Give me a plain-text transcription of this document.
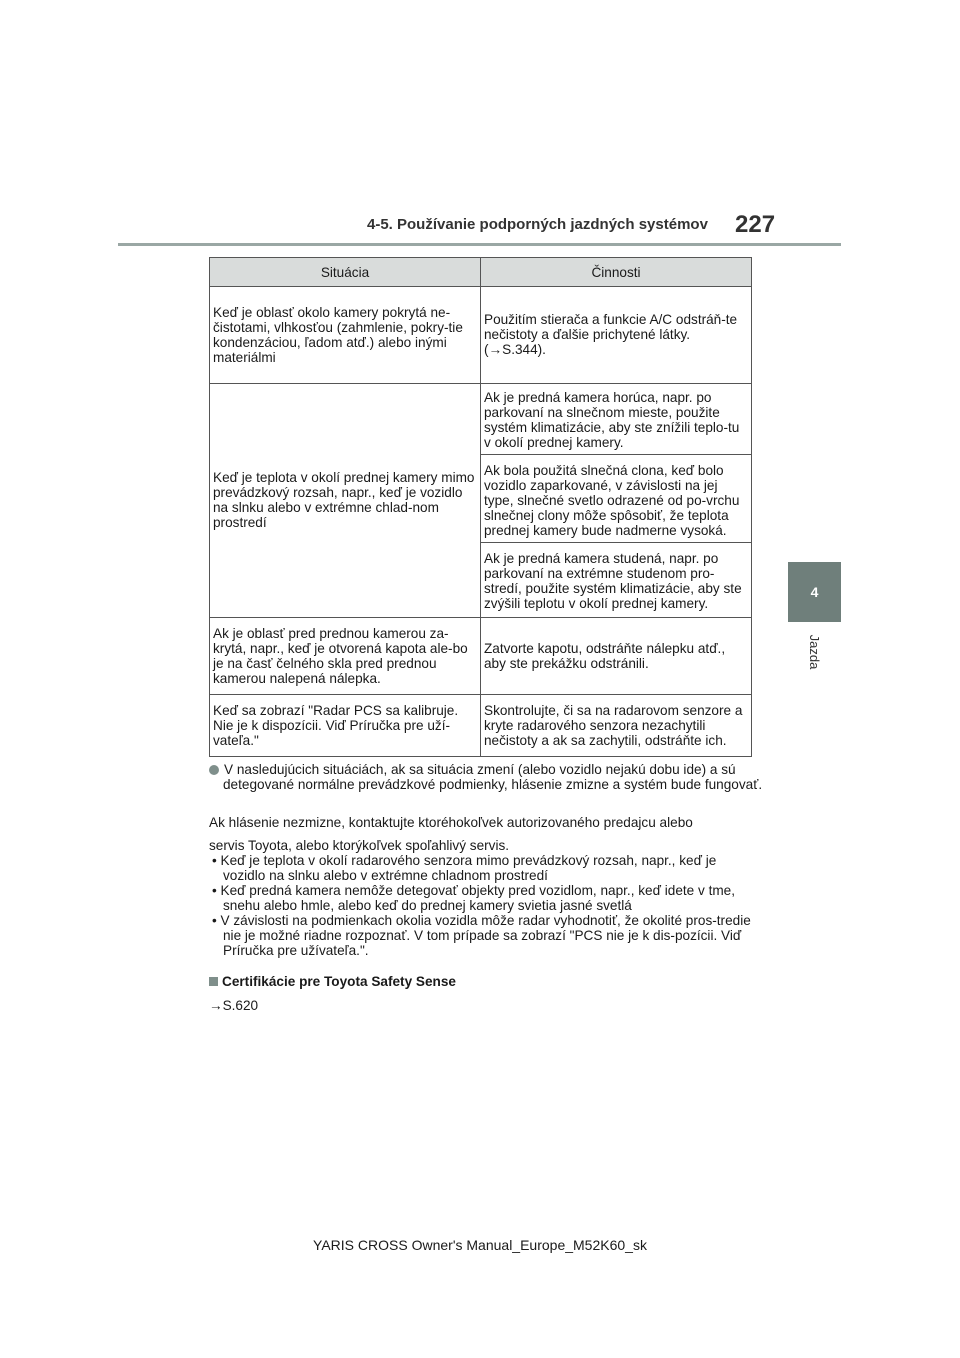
4-5. Používanie podporných jazdných systémov 227
4
Jazda
Situácia	Činnosti
Keď je oblasť okolo kamery pokrytá ne-čistotami, vlhkosťou (zahmlenie, pokry-tie kondenzáciou, ľadom atď.) alebo inými materiálmi	Použitím stierača a funkcie A/C odstráň-te nečistoty a ďalšie prichytené látky. (→S.344).
Keď je teplota v okolí prednej kamery mimo prevádzkový rozsah, napr., keď je vozidlo na slnku alebo v extrémne chlad-nom prostredí	Ak je predná kamera horúca, napr. po parkovaní na slnečnom mieste, použite systém klimatizácie, aby ste znížili teplo-tu v okolí prednej kamery.
Ak bola použitá slnečná clona, keď bolo vozidlo zaparkované, v závislosti na jej type, slnečné svetlo odrazené od po-vrchu slnečnej clony môže spôsobiť, že teplota prednej kamery bude nadmerne vysoká.
Ak je predná kamera studená, napr. po parkovaní na extrémne studenom pro-stredí, použite systém klimatizácie, aby ste zvýšili teplotu v okolí prednej kamery.

Ak je oblasť pred prednou kamerou za-krytá, napr., keď je otvorená kapota ale-bo je na časť čelného skla pred prednou kamerou nalepená nálepka.	Zatvorte kapotu, odstráňte nálepku atď., aby ste prekážku odstránili.
Keď sa zobrazí "Radar PCS sa kalibruje. Nie je k dispozícii. Viď Príručka pre uží-vateľa."	Skontrolujte, či sa na radarovom senzore a kryte radarového senzora nezachytili nečistoty a ak sa zachytili, odstráňte ich.
V nasledujúcich situáciách, ak sa situácia zmení (alebo vozidlo nejakú dobu ide) a sú detegované normálne prevádzkové podmienky, hlásenie zmizne a systém bude fungovať.
Ak hlásenie nezmizne, kontaktujte ktoréhokoľvek autorizovaného predajcu alebo
servis Toyota, alebo ktorýkoľvek spoľahlivý servis.
• Keď je teplota v okolí radarového senzora mimo prevádzkový rozsah, napr., keď je vozidlo na slnku alebo v extrémne chladnom prostredí
• Keď predná kamera nemôže detegovať objekty pred vozidlom, napr., keď idete v tme, snehu alebo hmle, alebo keď do prednej kamery svietia jasné svetlá
• V závislosti na podmienkach okolia vozidla môže radar vyhodnotiť, že okolité pros-tredie nie je možné riadne rozpoznať. V tom prípade sa zobrazí "PCS nie je k dis-pozícii. Viď Príručka pre užívateľa.".
Certifikácie pre Toyota Safety Sense
→S.620
YARIS CROSS Owner's Manual_Europe_M52K60_sk
